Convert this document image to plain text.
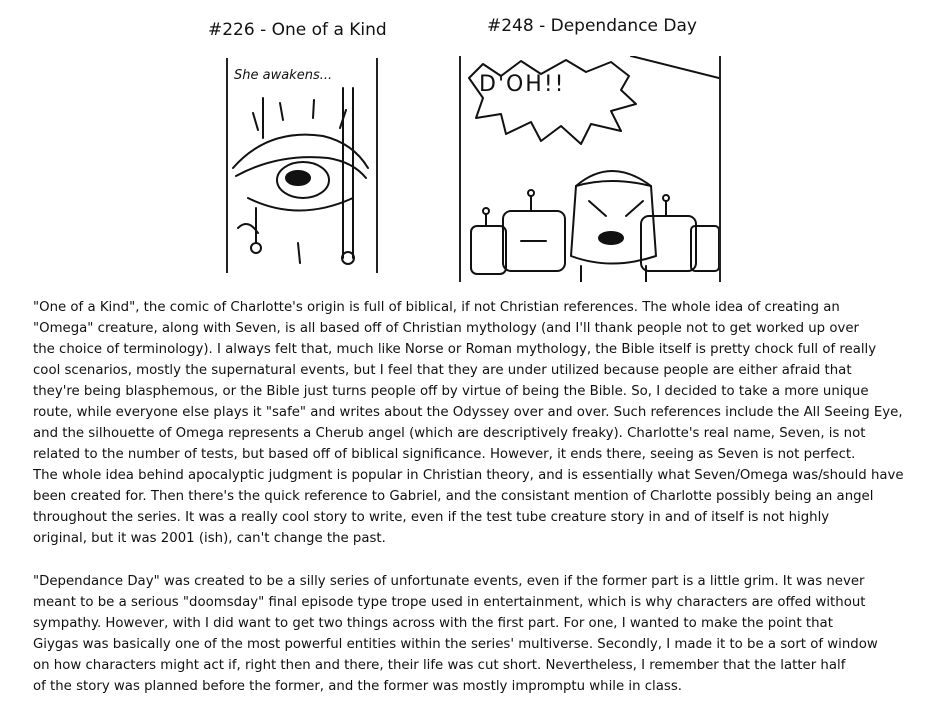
#226 - One of a Kind	#248 - Dependance Day
She awakens...	D'OH!!
"One of a Kind", the comic of Charlotte's origin is full of biblical, if not Christian references. The whole idea of creating an
"Omega" creature, along with Seven, is all based off of Christian mythology (and I'll thank people not to get worked up over
the choice of terminology). I always felt that, much like Norse or Roman mythology, the Bible itself is pretty chock full of really
cool scenarios, mostly the supernatural events, but I feel that they are under utilized because people are either afraid that
they're being blasphemous, or the Bible just turns people off by virtue of being the Bible. So, I decided to take a more unique
route, while everyone else plays it "safe" and writes about the Odyssey over and over. Such references include the All Seeing Eye,
and the silhouette of Omega represents a Cherub angel (which are descriptively freaky). Charlotte's real name, Seven, is not
related to the number of tests, but based off of biblical significance. However, it ends there, seeing as Seven is not perfect.
The whole idea behind apocalyptic judgment is popular in Christian theory, and is essentially what Seven/Omega was/should have
been created for. Then there's the quick reference to Gabriel, and the consistant mention of Charlotte possibly being an angel
throughout the series. It was a really cool story to write, even if the test tube creature story in and of itself is not highly
original, but it was 2001 (ish), can't change the past.
"Dependance Day" was created to be a silly series of unfortunate events, even if the former part is a little grim. It was never
meant to be a serious "doomsday" final episode type trope used in entertainment, which is why characters are offed without
sympathy. However, with I did want to get two things across with the first part. For one, I wanted to make the point that
Giygas was basically one of the most powerful entities within the series' multiverse. Secondly, I made it to be a sort of window
on how characters might act if, right then and there, their life was cut short. Nevertheless, I remember that the latter half
of the story was planned before the former, and the former was mostly impromptu while in class.
